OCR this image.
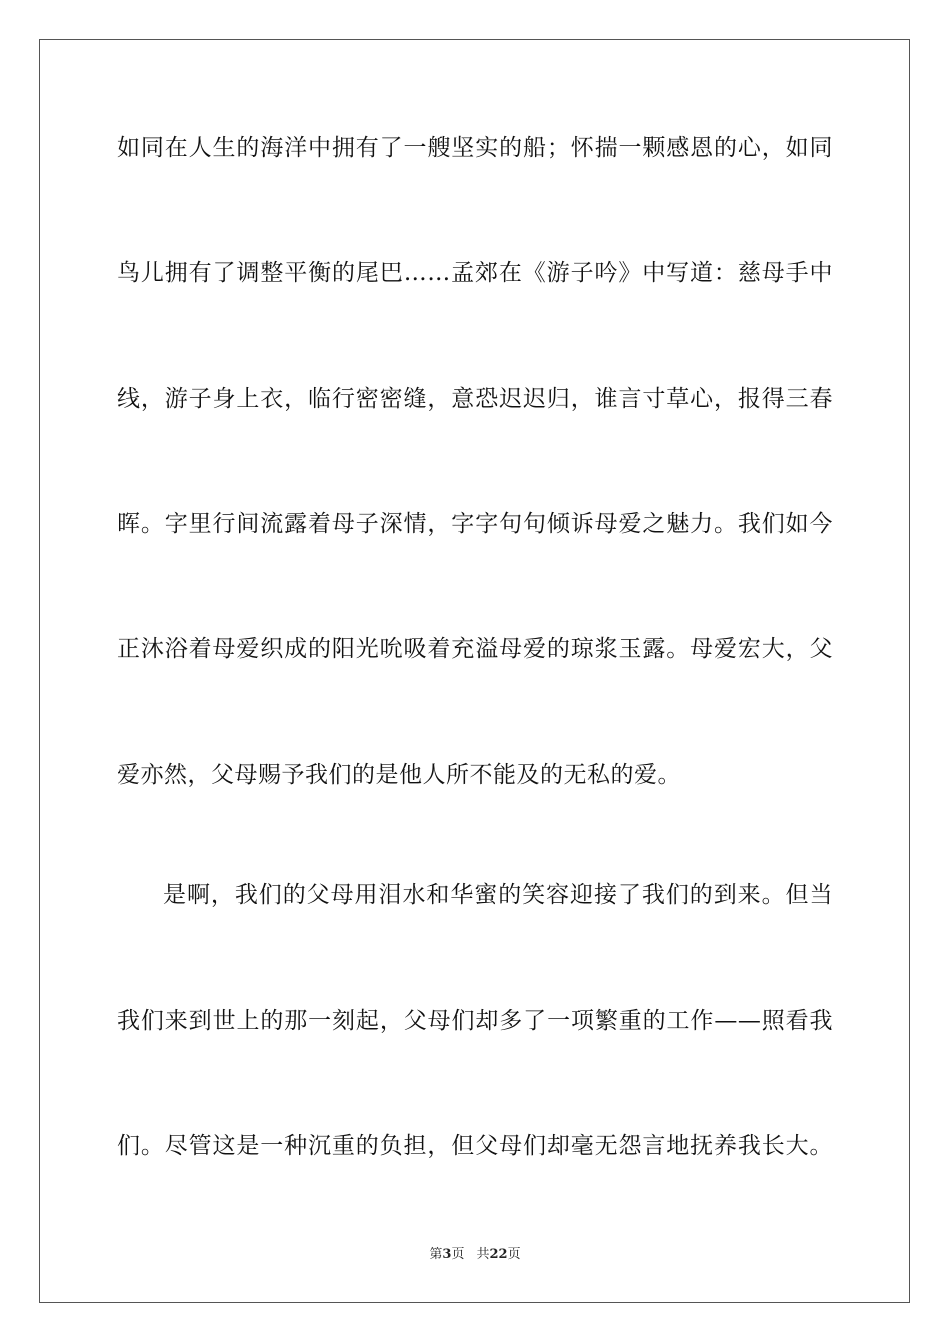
如同在人生的海洋中拥有了一艘坚实的船；怀揣一颗感恩的心，如同
鸟儿拥有了调整平衡的尾巴……孟郊在《游子吟》中写道：慈母手中
线，游子身上衣，临行密密缝，意恐迟迟归，谁言寸草心，报得三春
晖。字里行间流露着母子深情，字字句句倾诉母爱之魅力。我们如今
正沐浴着母爱织成的阳光吮吸着充溢母爱的琼浆玉露。母爱宏大，父
爱亦然，父母赐予我们的是他人所不能及的无私的爱。
是啊，我们的父母用泪水和华蜜的笑容迎接了我们的到来。但当
我们来到世上的那一刻起，父母们却多了一项繁重的工作——照看我
们。尽管这是一种沉重的负担，但父母们却毫无怨言地抚养我长大。
第3页 共22页
